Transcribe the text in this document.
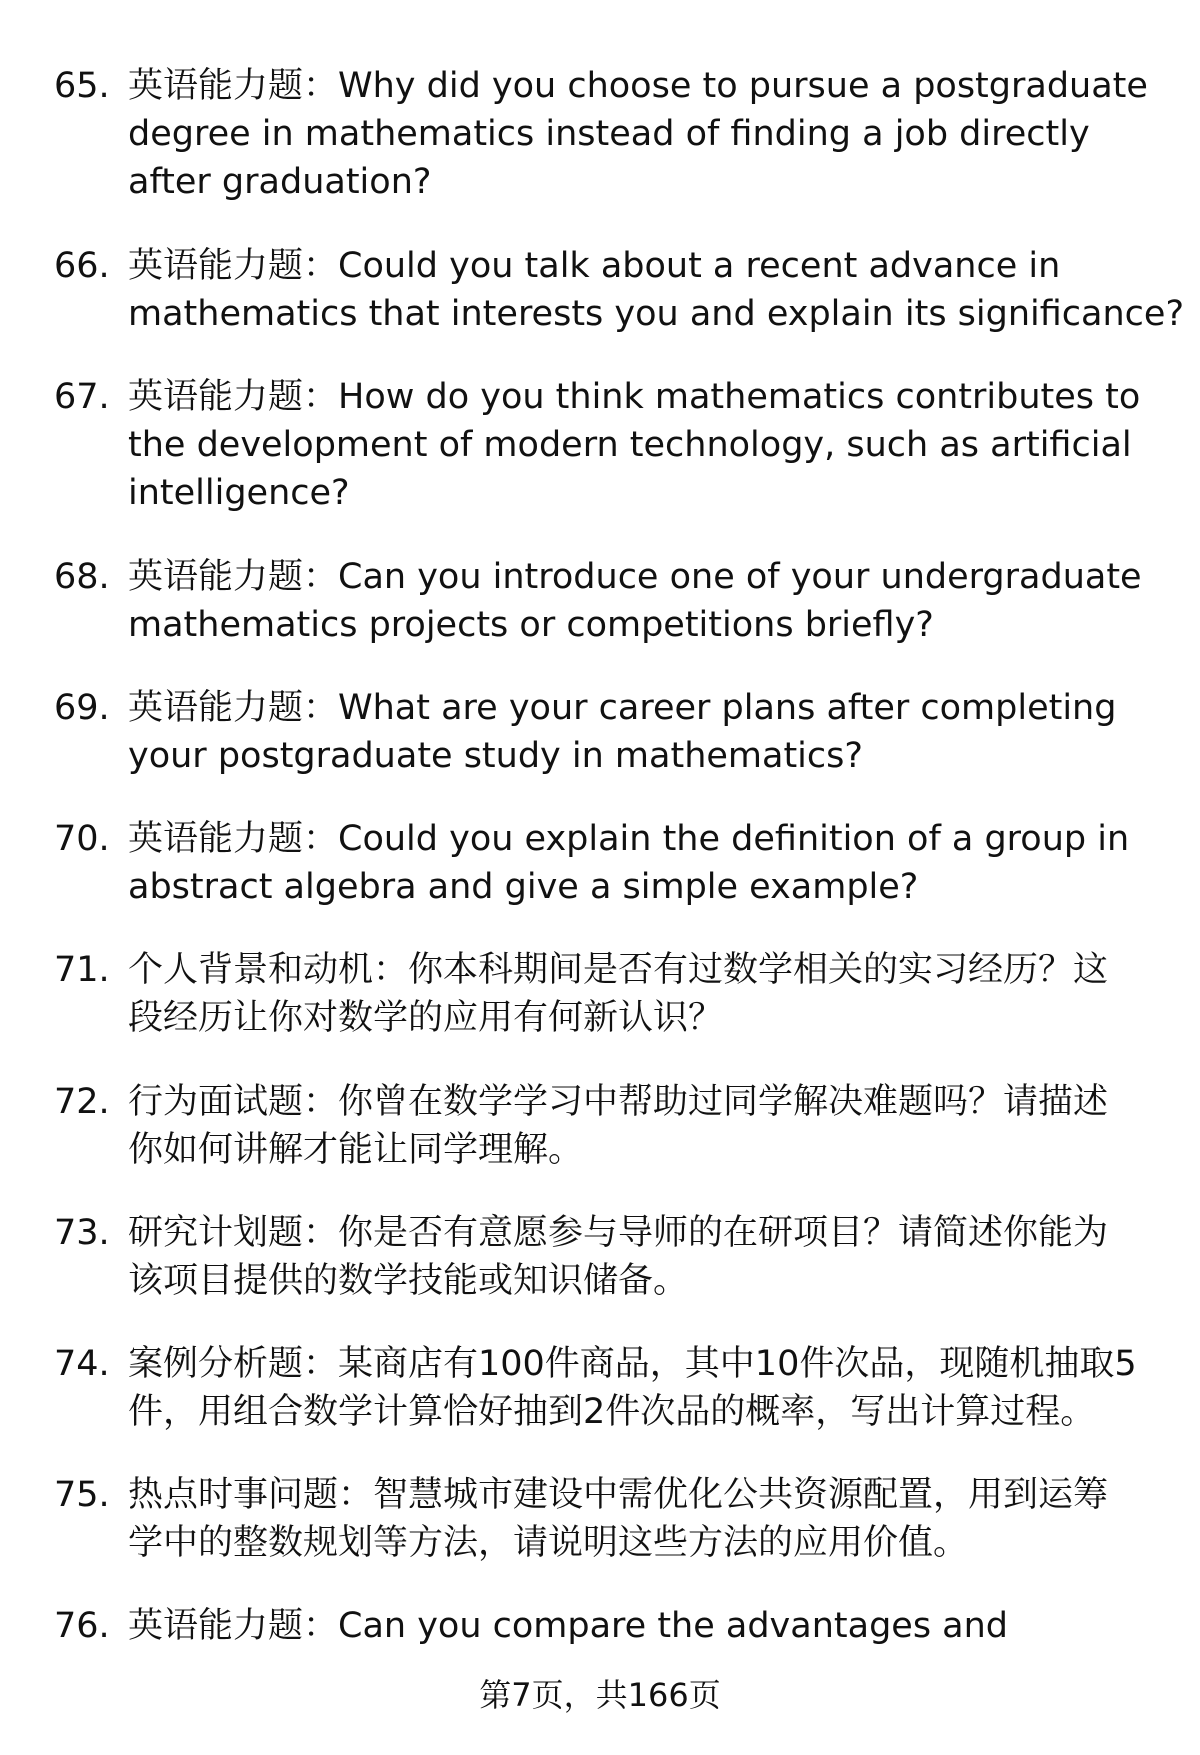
65. 英语能力题：Why did you choose to pursue a postgraduate
degree in mathematics instead of finding a job directly
after graduation?
66. 英语能力题：Could you talk about a recent advance in
mathematics that interests you and explain its significance?
67. 英语能力题：How do you think mathematics contributes to
the development of modern technology, such as artificial
intelligence?
68. 英语能力题：Can you introduce one of your undergraduate
mathematics projects or competitions briefly?
69. 英语能力题：What are your career plans after completing
your postgraduate study in mathematics?
70. 英语能力题：Could you explain the definition of a group in
abstract algebra and give a simple example?
71. 个人背景和动机：你本科期间是否有过数学相关的实习经历？这
段经历让你对数学的应用有何新认识？
72. 行为面试题：你曾在数学学习中帮助过同学解决难题吗？请描述
你如何讲解才能让同学理解。
73. 研究计划题：你是否有意愿参与导师的在研项目？请简述你能为
该项目提供的数学技能或知识储备。
74. 案例分析题：某商店有100件商品，其中10件次品，现随机抽取5
件，用组合数学计算恰好抽到2件次品的概率，写出计算过程。
75. 热点时事问题：智慧城市建设中需优化公共资源配置，用到运筹
学中的整数规划等方法，请说明这些方法的应用价值。
76. 英语能力题：Can you compare the advantages and
第7页，共166页
